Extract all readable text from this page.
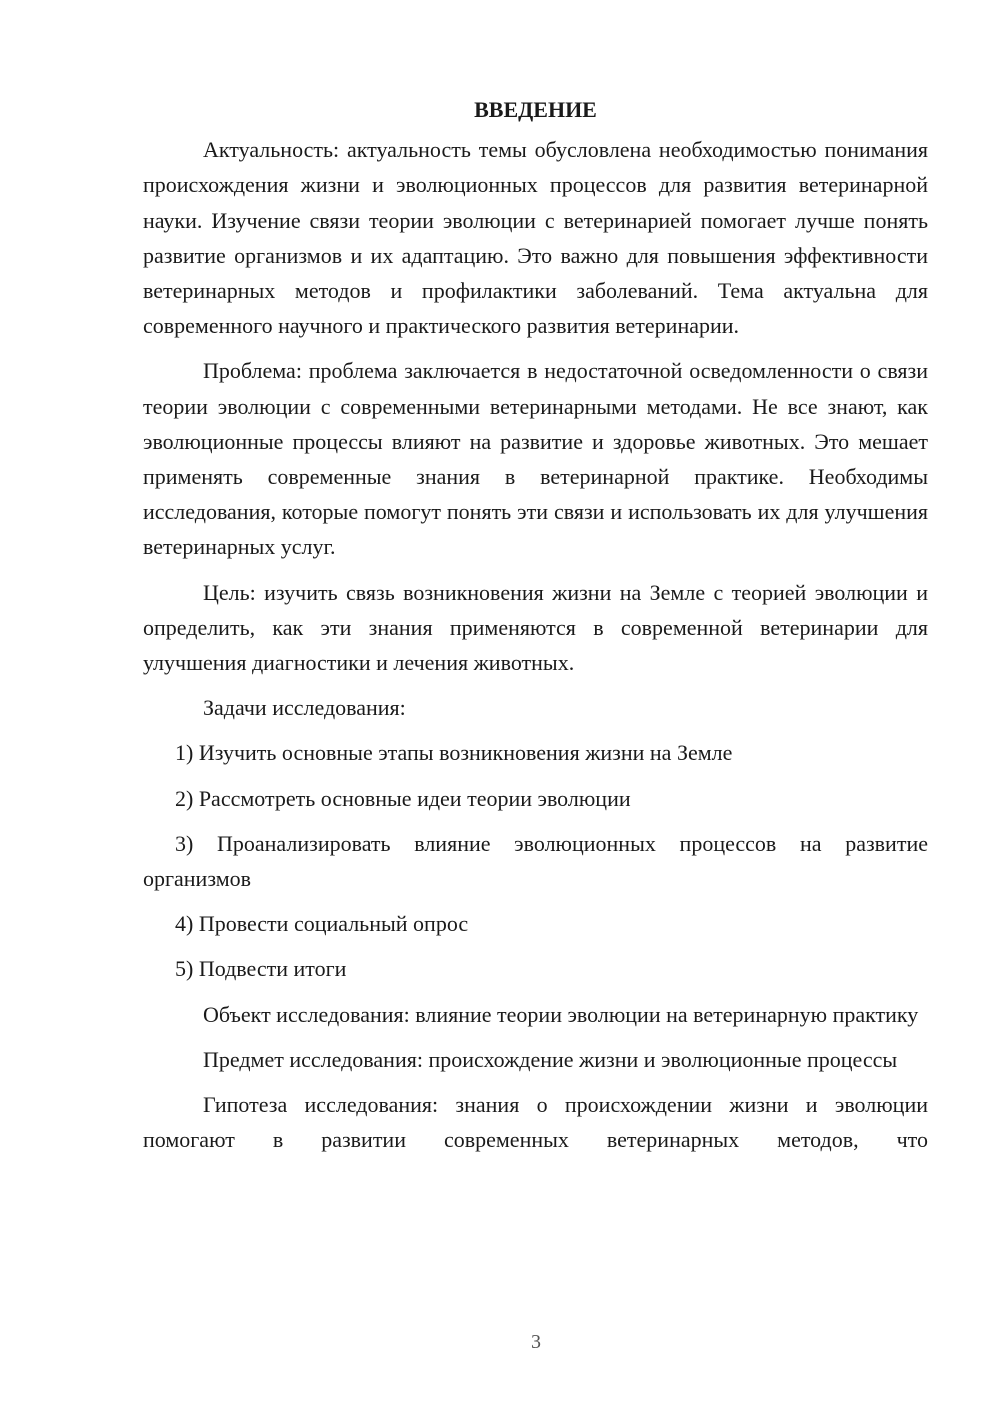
ВВЕДЕНИЕ

Актуальность: актуальность темы обусловлена необходимостью понимания происхождения жизни и эволюционных процессов для развития ветеринарной науки. Изучение связи теории эволюции с ветеринарией помогает лучше понять развитие организмов и их адаптацию. Это важно для повышения эффективности ветеринарных методов и профилактики заболеваний. Тема актуальна для современного научного и практического развития ветеринарии.

Проблема: проблема заключается в недостаточной осведомленности о связи теории эволюции с современными ветеринарными методами. Не все знают, как эволюционные процессы влияют на развитие и здоровье животных. Это мешает применять современные знания в ветеринарной практике. Необходимы исследования, которые помогут понять эти связи и использовать их для улучшения ветеринарных услуг.

Цель: изучить связь возникновения жизни на Земле с теорией эволюции и определить, как эти знания применяются в современной ветеринарии для улучшения диагностики и лечения животных.

Задачи исследования:

1) Изучить основные этапы возникновения жизни на Земле

2) Рассмотреть основные идеи теории эволюции

3) Проанализировать влияние эволюционных процессов на развитие организмов

4) Провести социальный опрос

5) Подвести итоги

Объект исследования: влияние теории эволюции на ветеринарную практику

Предмет исследования: происхождение жизни и эволюционные процессы

Гипотеза исследования: знания о происхождении жизни и эволюции помогают в развитии современных ветеринарных методов, что

3
